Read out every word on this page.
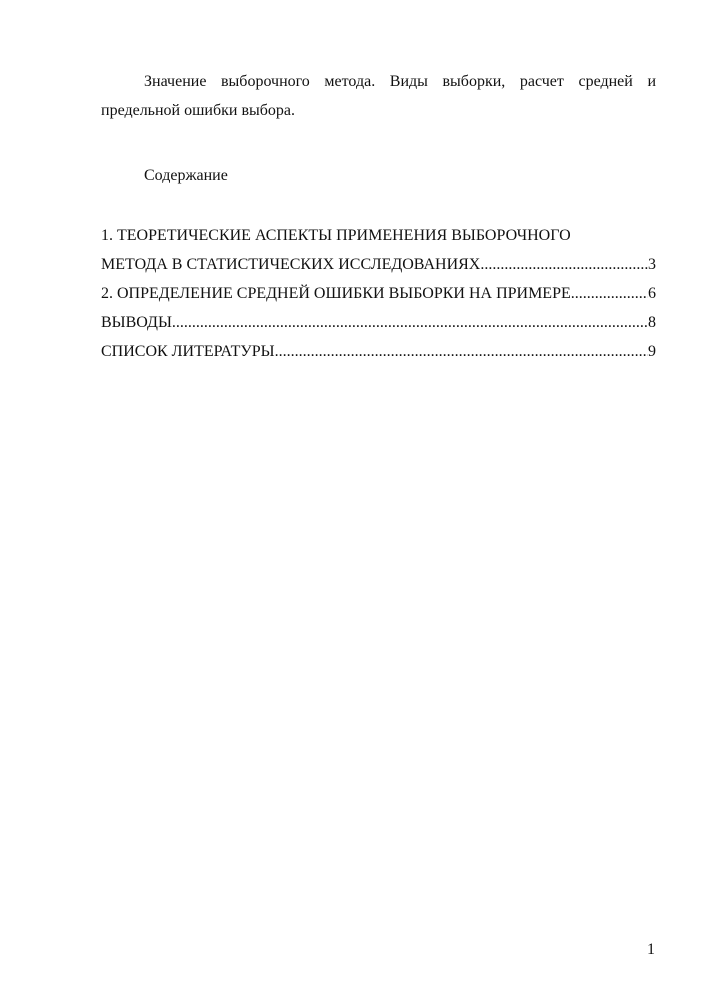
Значение выборочного метода. Виды выборки, расчет средней и предельной ошибки выбора.

Содержание

1. ТЕОРЕТИЧЕСКИЕ АСПЕКТЫ ПРИМЕНЕНИЯ ВЫБОРОЧНОГО
МЕТОДА В СТАТИСТИЧЕСКИХ ИССЛЕДОВАНИЯХ .....	3
2. ОПРЕДЕЛЕНИЕ СРЕДНЕЙ ОШИБКИ ВЫБОРКИ НА ПРИМЕРЕ .....	6
ВЫВОДЫ .....	8
СПИСОК ЛИТЕРАТУРЫ .....	9
1
